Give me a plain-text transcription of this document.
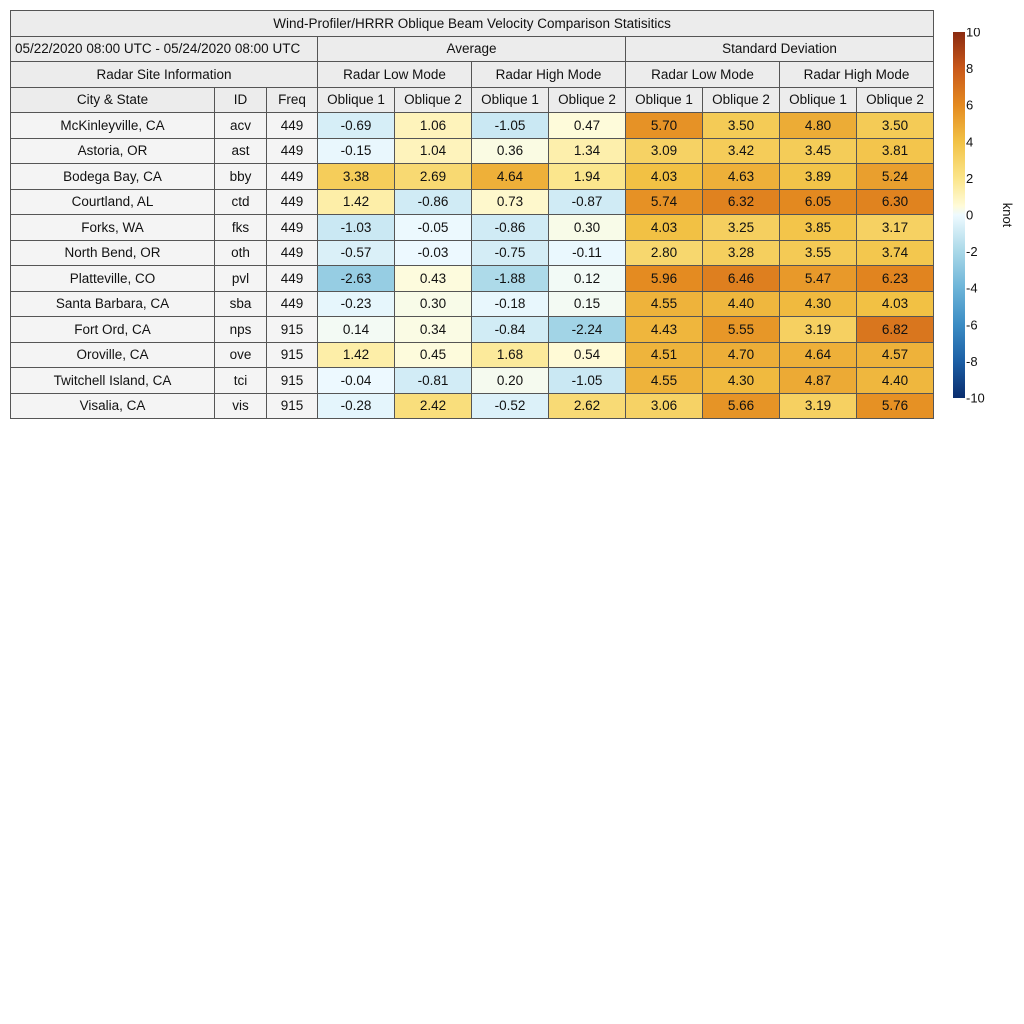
Wind-Profiler/HRRR Oblique Beam Velocity Comparison Statisitics										
05/22/2020 08:00 UTC - 05/24/2020 08:00 UTC			Average				Standard Deviation			
Radar Site Information			Radar Low Mode		Radar High Mode		Radar Low Mode		Radar High Mode	
City & State	ID	Freq	Oblique 1	Oblique 2	Oblique 1	Oblique 2	Oblique 1	Oblique 2	Oblique 1	Oblique 2
McKinleyville, CA	acv	449	-0.69	1.06	-1.05	0.47	5.70	3.50	4.80	3.50
Astoria, OR	ast	449	-0.15	1.04	0.36	1.34	3.09	3.42	3.45	3.81
Bodega Bay, CA	bby	449	3.38	2.69	4.64	1.94	4.03	4.63	3.89	5.24
Courtland, AL	ctd	449	1.42	-0.86	0.73	-0.87	5.74	6.32	6.05	6.30
Forks, WA	fks	449	-1.03	-0.05	-0.86	0.30	4.03	3.25	3.85	3.17
North Bend, OR	oth	449	-0.57	-0.03	-0.75	-0.11	2.80	3.28	3.55	3.74
Platteville, CO	pvl	449	-2.63	0.43	-1.88	0.12	5.96	6.46	5.47	6.23
Santa Barbara, CA	sba	449	-0.23	0.30	-0.18	0.15	4.55	4.40	4.30	4.03
Fort Ord, CA	nps	915	0.14	0.34	-0.84	-2.24	4.43	5.55	3.19	6.82
Oroville, CA	ove	915	1.42	0.45	1.68	0.54	4.51	4.70	4.64	4.57
Twitchell Island, CA	tci	915	-0.04	-0.81	0.20	-1.05	4.55	4.30	4.87	4.40
Visalia, CA	vis	915	-0.28	2.42	-0.52	2.62	3.06	5.66	3.19	5.76
knot
10
8
6
4
2
0
-2
-4
-6
-8
-10
